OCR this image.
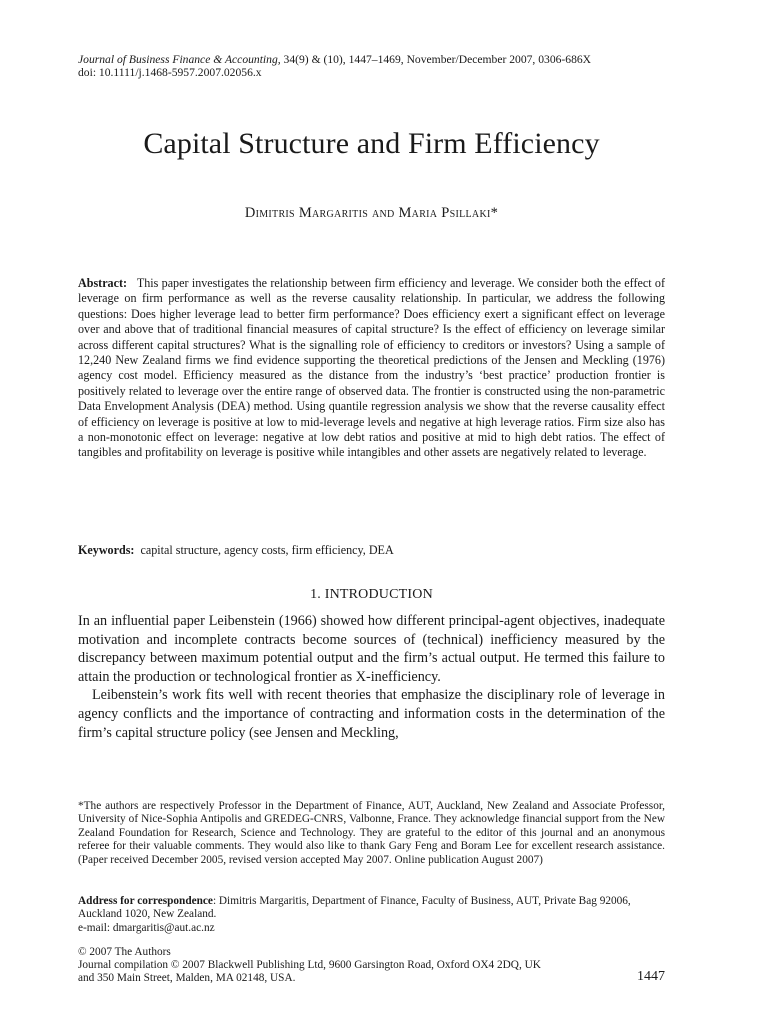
Journal of Business Finance & Accounting, 34(9) & (10), 1447–1469, November/December 2007, 0306-686X
doi: 10.1111/j.1468-5957.2007.02056.x
Capital Structure and Firm Efficiency
Dimitris Margaritis and Maria Psillaki*
Abstract: This paper investigates the relationship between firm efficiency and leverage. We consider both the effect of leverage on firm performance as well as the reverse causality relationship. In particular, we address the following questions: Does higher leverage lead to better firm performance? Does efficiency exert a significant effect on leverage over and above that of traditional financial measures of capital structure? Is the effect of efficiency on leverage similar across different capital structures? What is the signalling role of efficiency to creditors or investors? Using a sample of 12,240 New Zealand firms we find evidence supporting the theoretical predictions of the Jensen and Meckling (1976) agency cost model. Efficiency measured as the distance from the industry’s ‘best practice’ production frontier is positively related to leverage over the entire range of observed data. The frontier is constructed using the non-parametric Data Envelopment Analysis (DEA) method. Using quantile regression analysis we show that the reverse causality effect of efficiency on leverage is positive at low to mid-leverage levels and negative at high leverage ratios. Firm size also has a non-monotonic effect on leverage: negative at low debt ratios and positive at mid to high debt ratios. The effect of tangibles and profitability on leverage is positive while intangibles and other assets are negatively related to leverage.
Keywords: capital structure, agency costs, firm efficiency, DEA
1. INTRODUCTION

In an influential paper Leibenstein (1966) showed how different principal-agent objectives, inadequate motivation and incomplete contracts become sources of (technical) inefficiency measured by the discrepancy between maximum potential output and the firm’s actual output. He termed this failure to attain the production or technological frontier as X-inefficiency.

Leibenstein’s work fits well with recent theories that emphasize the disciplinary role of leverage in agency conflicts and the importance of contracting and information costs in the determination of the firm’s capital structure policy (see Jensen and Meckling,

*The authors are respectively Professor in the Department of Finance, AUT, Auckland, New Zealand and Associate Professor, University of Nice-Sophia Antipolis and GREDEG-CNRS, Valbonne, France. They acknowledge financial support from the New Zealand Foundation for Research, Science and Technology. They are grateful to the editor of this journal and an anonymous referee for their valuable comments. They would also like to thank Gary Feng and Boram Lee for excellent research assistance. (Paper received December 2005, revised version accepted May 2007. Online publication August 2007)
Address for correspondence: Dimitris Margaritis, Department of Finance, Faculty of Business, AUT, Private Bag 92006, Auckland 1020, New Zealand.
e-mail: dmargaritis@aut.ac.nz
© 2007 The Authors
Journal compilation © 2007 Blackwell Publishing Ltd, 9600 Garsington Road, Oxford OX4 2DQ, UK
and 350 Main Street, Malden, MA 02148, USA.	1447
